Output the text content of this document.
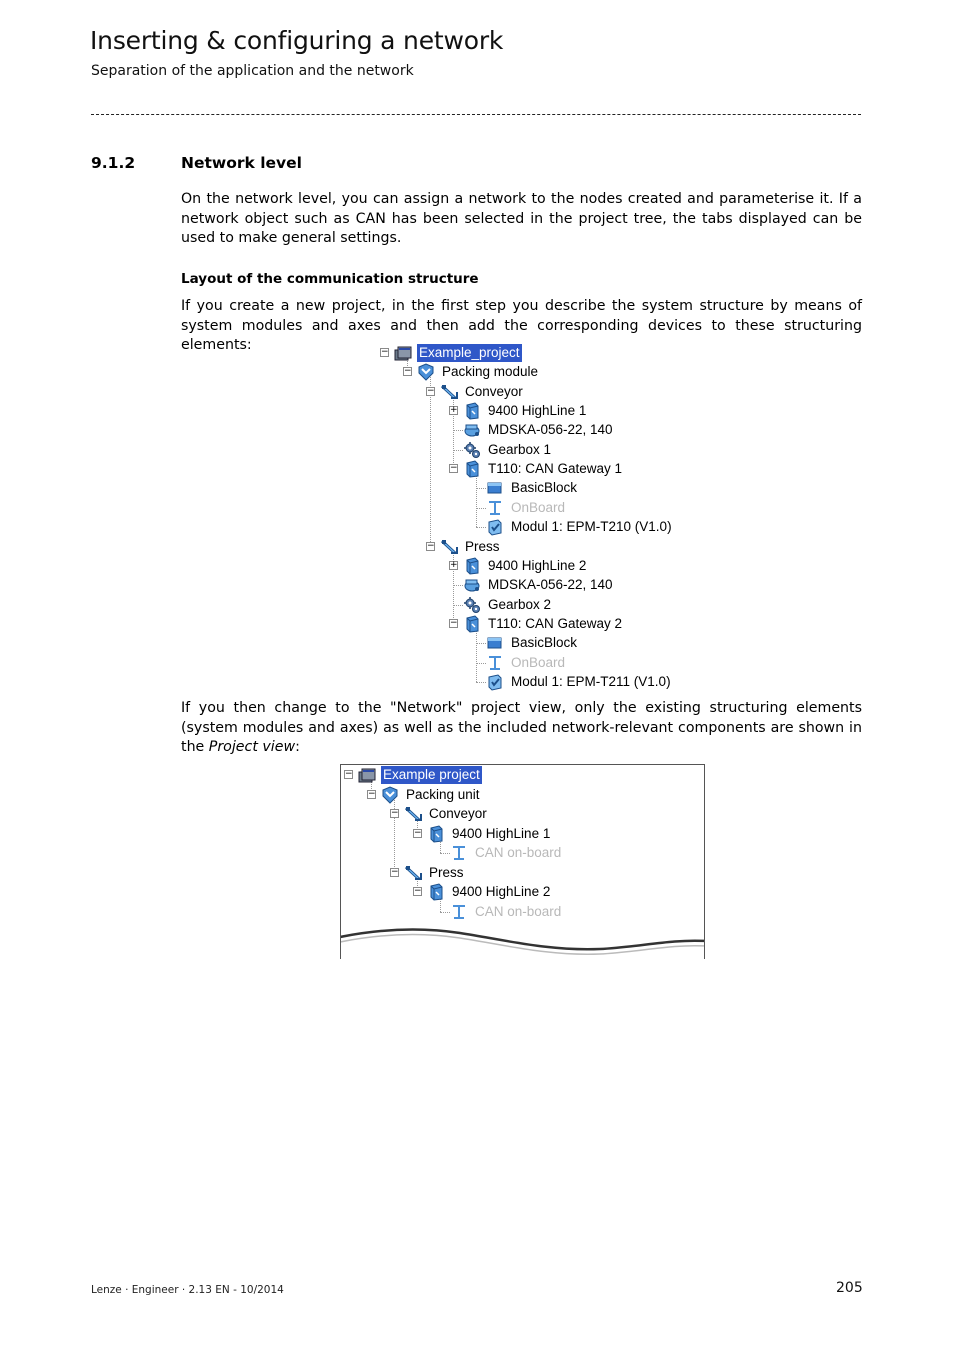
Inserting & configuring a network
Separation of the application and the network
9.1.2	Network level
On the network level, you can assign a network to the nodes created and parameterise it. If a network object such as CAN has been selected in the project tree, the tabs displayed can be used to make general settings.
Layout of the communication structure
If you create a new project, in the first step you describe the system structure by means of system modules and axes and then add the corresponding devices to these structuring elements:	− Example_project
− Packing module
− Conveyor
+ 9400 HighLine 1
MDSKA-056-22, 140
Gearbox 1
− T110: CAN Gateway 1
BasicBlock
OnBoard
Modul 1: EPM-T210 (V1.0)
− Press
+ 9400 HighLine 2
MDSKA-056-22, 140
Gearbox 2
− T110: CAN Gateway 2
BasicBlock
OnBoard
Modul 1: EPM-T211 (V1.0)
If you then change to the "Network" project view, only the existing structuring elements (system modules and axes) as well as the included network-relevant components are shown in the Project view:
− Example project
− Packing unit
− Conveyor
− 9400 HighLine 1
CAN on-board
− Press
− 9400 HighLine 2
CAN on-board
Lenze · Engineer · 2.13 EN - 10/2014	205
